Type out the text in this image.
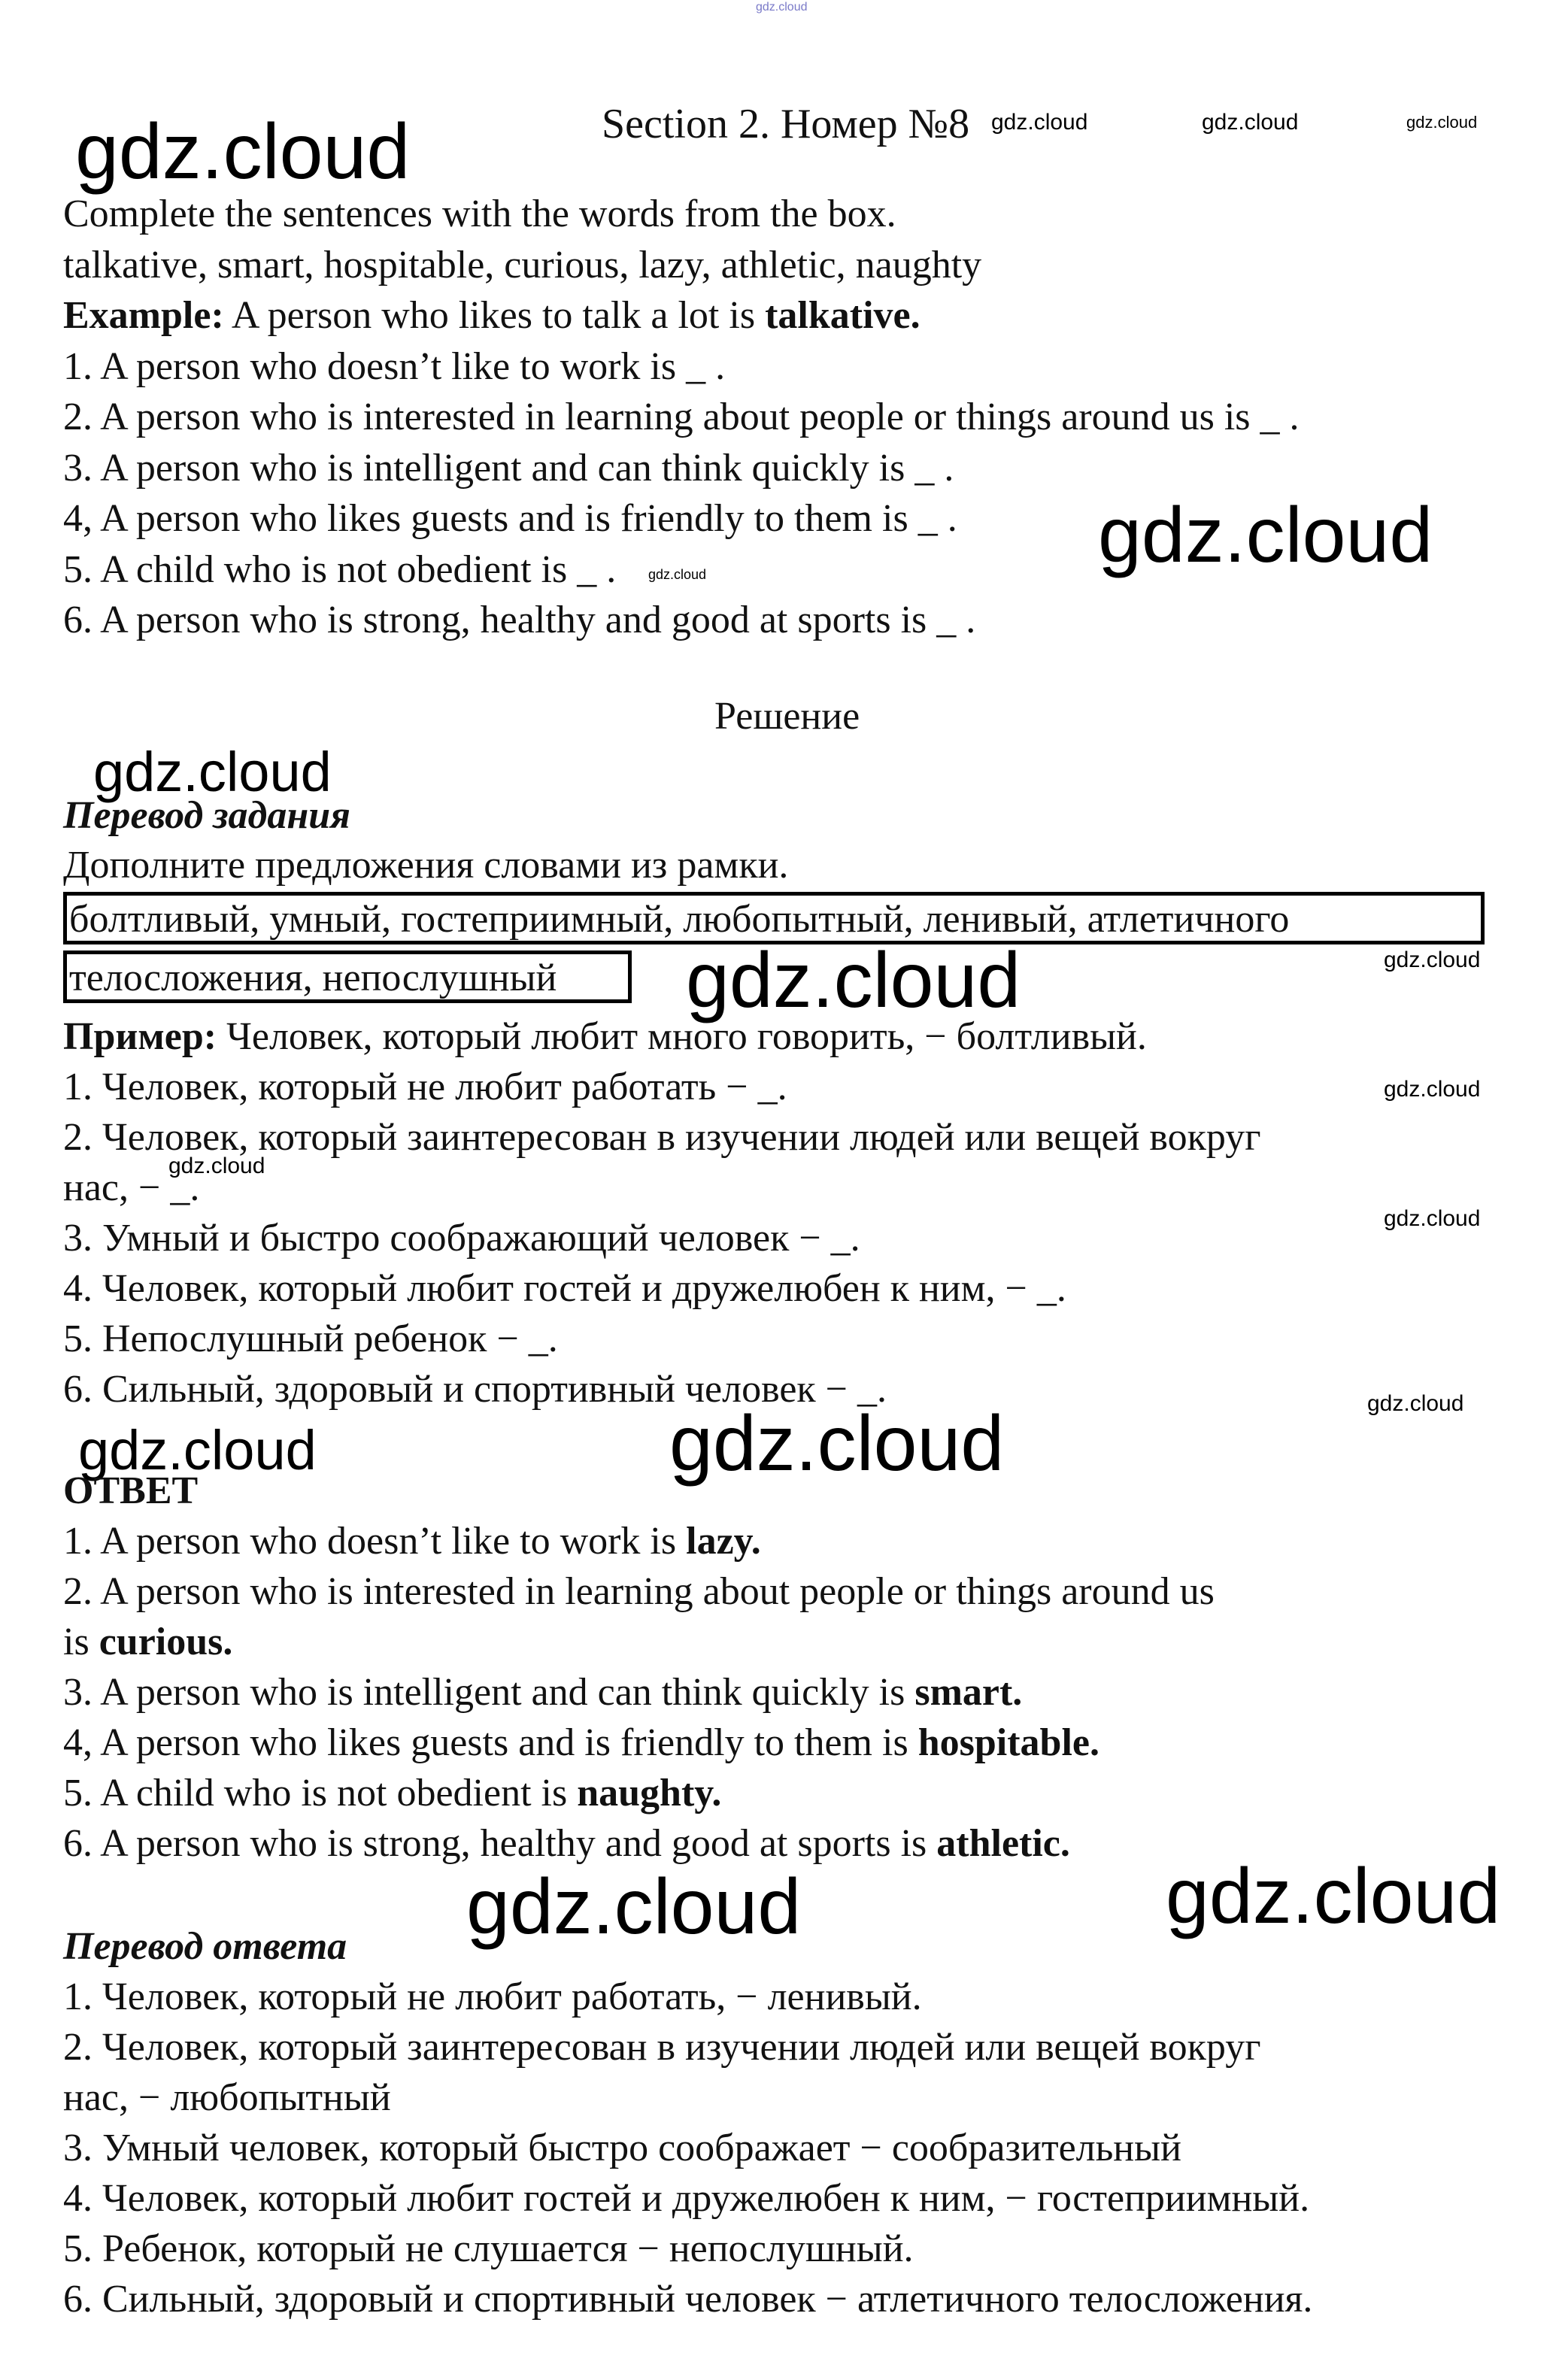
gdz.cloud
gdz.cloud	gdz.cloud	gdz.cloud	gdz.cloud
gdz.cloud
gdz.cloud
gdz.cloud
gdz.cloud	gdz.cloud
gdz.cloud
gdz.cloud
gdz.cloud
gdz.cloud
gdz.cloud	gdz.cloud
gdz.cloud	gdz.cloud
Section 2. Номер №8
Complete the sentences with the words from the box.
talkative, smart, hospitable, curious, lazy, athletic, naughty
Example: A person who likes to talk a lot is talkative.
1. A person who doesn’t like to work is _ .
2. A person who is interested in learning about people or things around us is _ .
3. A person who is intelligent and can think quickly is _ .
4, A person who likes guests and is friendly to them is _ .
5. A child who is not obedient is _ .
6. A person who is strong, healthy and good at sports is _ .
Решение
Перевод задания
Дополните предложения словами из рамки.
болтливый, умный, гостеприимный, любопытный, ленивый, атлетичного
телосложения, непослушный
Пример: Человек, который любит много говорить, − болтливый.
1. Человек, который не любит работать − _.
2. Человек, который заинтересован в изучении людей или вещей вокруг
нас, − _.
3. Умный и быстро соображающий человек − _.
4. Человек, который любит гостей и дружелюбен к ним, − _.
5. Непослушный ребенок − _.
6. Сильный, здоровый и спортивный человек − _.
ОТВЕТ
1. A person who doesn’t like to work is lazy.
2. A person who is interested in learning about people or things around us
is curious.
3. A person who is intelligent and can think quickly is smart.
4, A person who likes guests and is friendly to them is hospitable.
5. A child who is not obedient is naughty.
6. A person who is strong, healthy and good at sports is athletic.
Перевод ответа
1. Человек, который не любит работать, − ленивый.
2. Человек, который заинтересован в изучении людей или вещей вокруг
нас, − любопытный
3. Умный человек, который быстро соображает − сообразительный
4. Человек, который любит гостей и дружелюбен к ним, − гостеприимный.
5. Ребенок, который не слушается − непослушный.
6. Сильный, здоровый и спортивный человек − атлетичного телосложения.
